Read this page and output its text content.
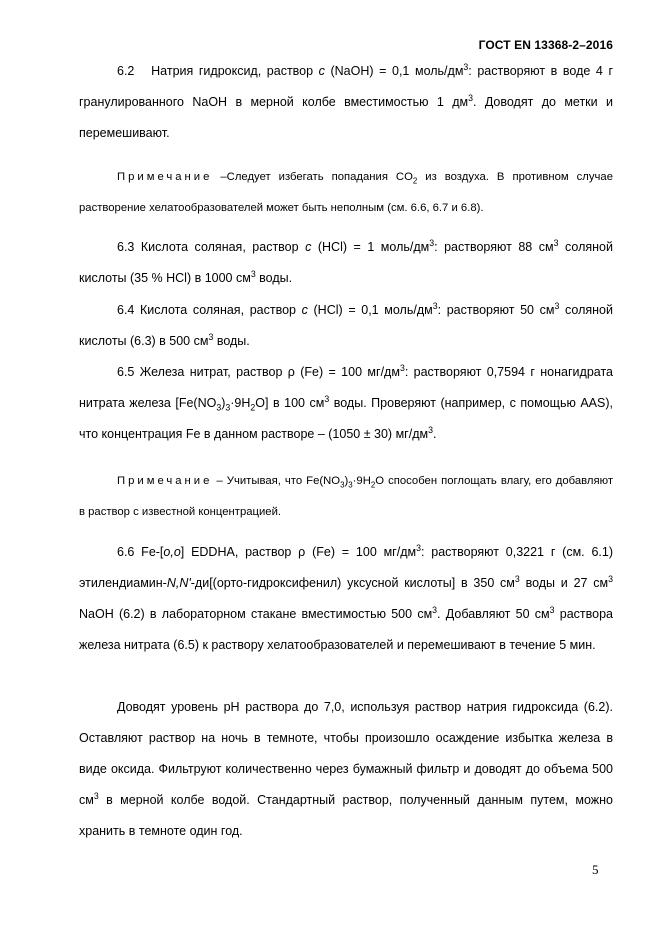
ГОСТ EN 13368-2–2016

6.2 Натрия гидроксид, раствор c (NaOH) = 0,1 моль/$дм^3$: растворяют в воде 4 г гранулированного NaOH в мерной колбе вместимостью 1 $дм^3$. Доводят до метки и перемешивают.

Примечание –Следует избегать попадания $CO_2$ из воздуха. В противном случае растворение хелатообразователей может быть неполным (см. 6.6, 6.7 и 6.8).

6.3 Кислота соляная, раствор c (HCl) = 1 моль/$дм^3$: растворяют 88 $см^3$ соляной кислоты (35 % HCl) в 1000 $см^3$ воды.

6.4 Кислота соляная, раствор c (HCl) = 0,1 моль/$дм^3$: растворяют 50 $см^3$ соляной кислоты (6.3) в 500 $см^3$ воды.

6.5 Железа нитрат, раствор ρ (Fe) = 100 $мг/дм^3$: растворяют 0,7594 г нонагидрата нитрата железа $[Fe(NO_3)_3\cdot 9H_2O]$ в 100 $см^3$ воды. Проверяют (например, с помощью AAS), что концентрация Fe в данном растворе – (1050 ± 30) $мг/дм^3$.

Примечание – Учитывая, что $Fe(NO_3)_3\cdot 9H_2O$ способен поглощать влагу, его добавляют в раствор с известной концентрацией.

6.6 Fe-[o,o] EDDHA, раствор ρ (Fe) = 100 $мг/дм^3$: растворяют 0,3221 г (см. 6.1) этилендиамин-N,N'-ди[(орто-гидроксифенил) уксусной кислоты] в 350 $см^3$ воды и 27 $см^3$ NaOH (6.2) в лабораторном стакане вместимостью 500 $см^3$. Добавляют 50 $см^3$ раствора железа нитрата (6.5) к раствору хелатообразователей и перемешивают в течение 5 мин.

Доводят уровень pH раствора до 7,0, используя раствор натрия гидроксида (6.2). Оставляют раствор на ночь в темноте, чтобы произошло осаждение избытка железа в виде оксида. Фильтруют количественно через бумажный фильтр и доводят до объема 500 $см^3$ в мерной колбе водой. Стандартный раствор, полученный данным путем, можно хранить в темноте один год.

5
